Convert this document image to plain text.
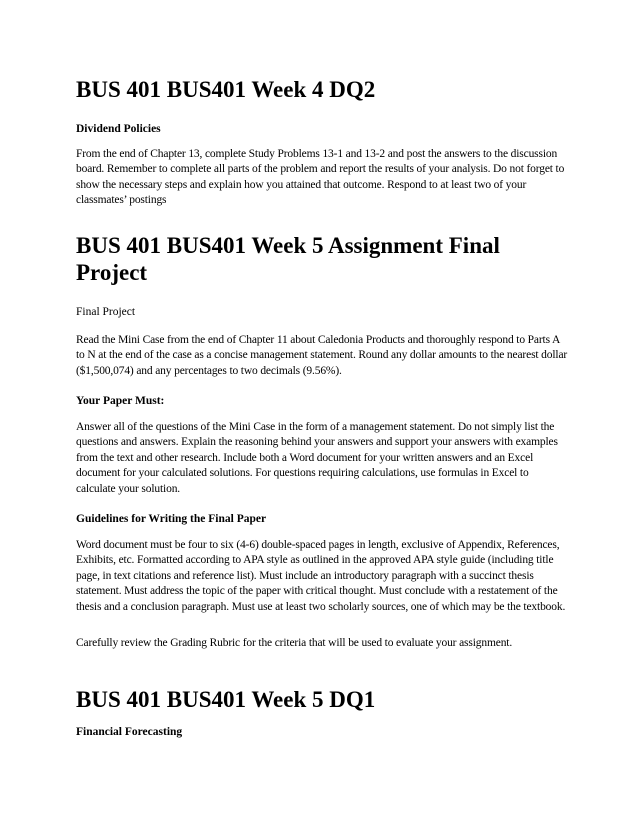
BUS 401 BUS401 Week 4 DQ2
Dividend Policies

From the end of Chapter 13, complete Study Problems 13-1 and 13-2 and post the answers to the discussion board. Remember to complete all parts of the problem and report the results of your analysis. Do not forget to show the necessary steps and explain how you attained that outcome. Respond to at least two of your classmates’ postings

BUS 401 BUS401 Week 5 Assignment Final Project
Final Project

Read the Mini Case from the end of Chapter 11 about Caledonia Products and thoroughly respond to Parts A to N at the end of the case as a concise management statement. Round any dollar amounts to the nearest dollar ($1,500,074) and any percentages to two decimals (9.56%).

Your Paper Must:

Answer all of the questions of the Mini Case in the form of a management statement. Do not simply list the questions and answers. Explain the reasoning behind your answers and support your answers with examples from the text and other research. Include both a Word document for your written answers and an Excel document for your calculated solutions. For questions requiring calculations, use formulas in Excel to calculate your solution.

Guidelines for Writing the Final Paper

Word document must be four to six (4-6) double-spaced pages in length, exclusive of Appendix, References, Exhibits, etc. Formatted according to APA style as outlined in the approved APA style guide (including title page, in text citations and reference list). Must include an introductory paragraph with a succinct thesis statement. Must address the topic of the paper with critical thought. Must conclude with a restatement of the thesis and a conclusion paragraph. Must use at least two scholarly sources, one of which may be the textbook.

Carefully review the Grading Rubric for the criteria that will be used to evaluate your assignment.

BUS 401 BUS401 Week 5 DQ1
Financial Forecasting
